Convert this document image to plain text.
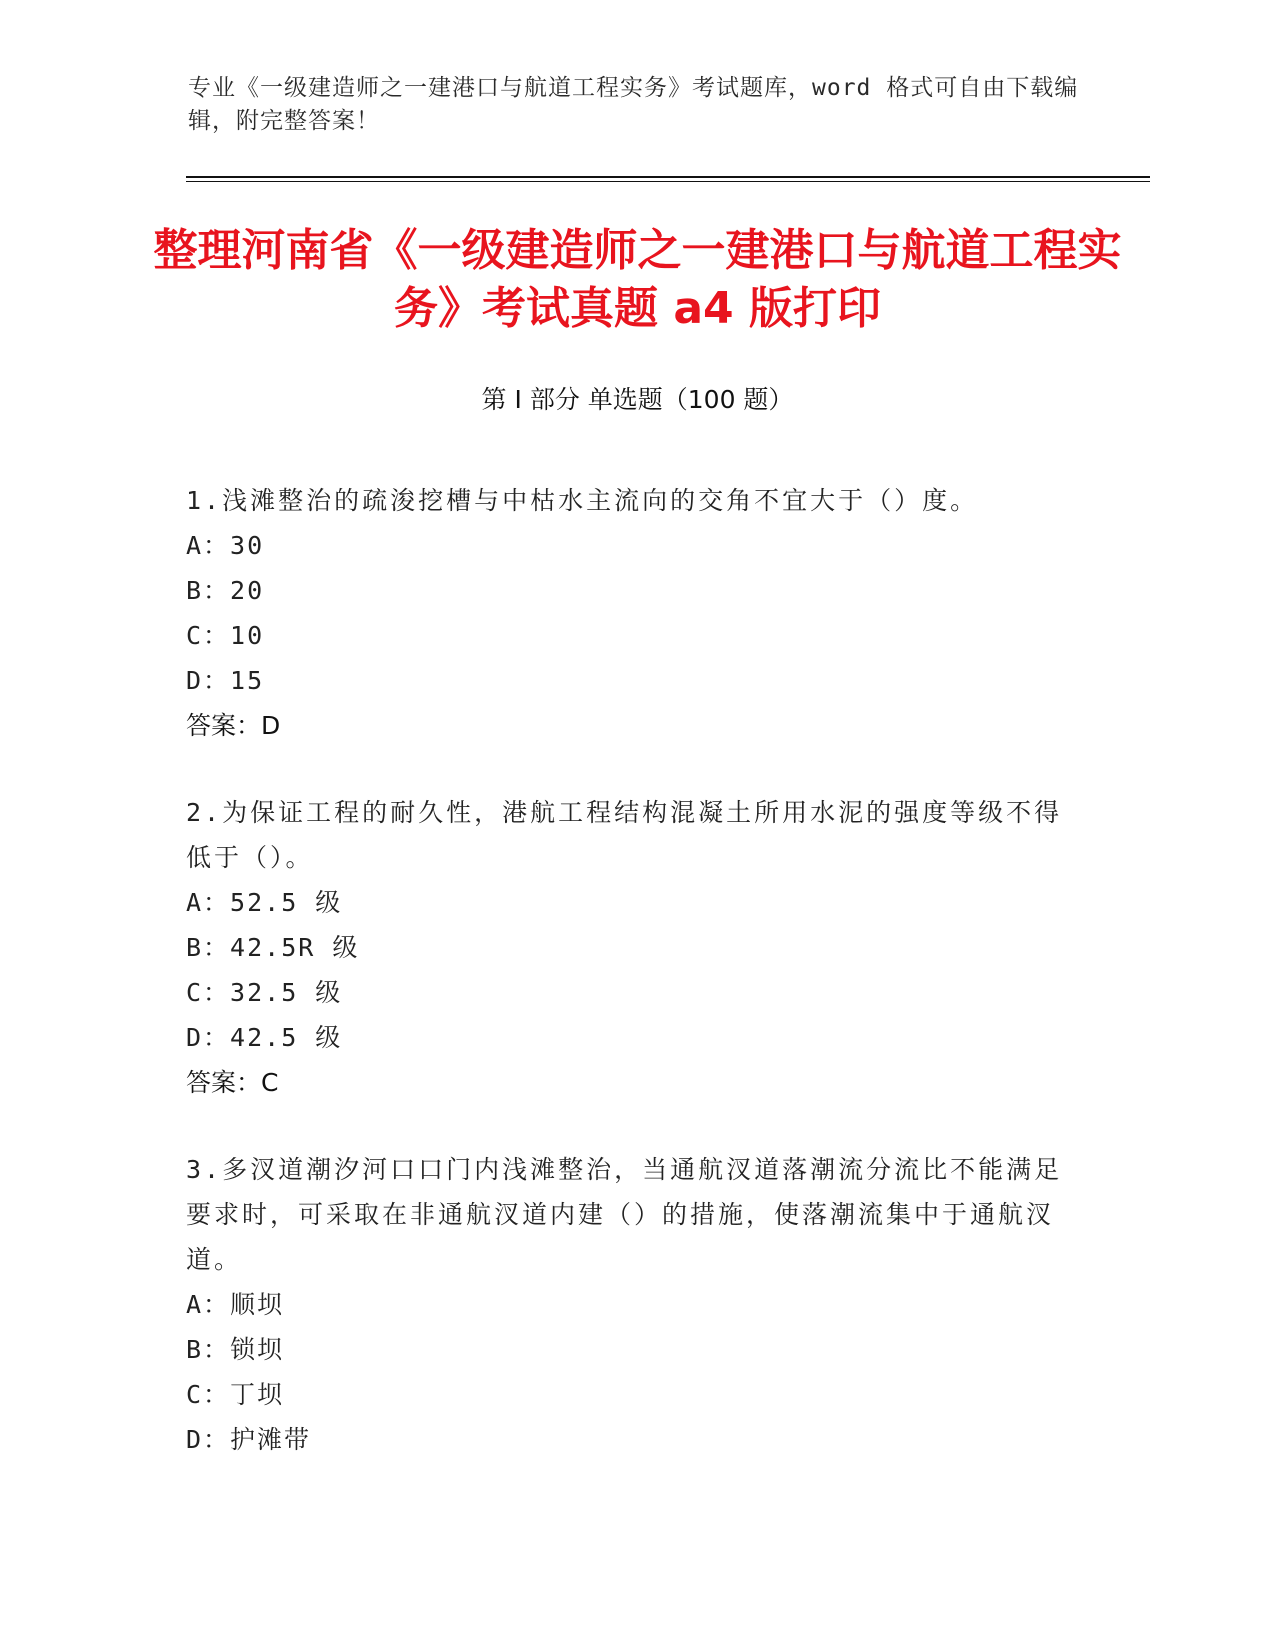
专业《一级建造师之一建港口与航道工程实务》考试题库，word 格式可自由下载编辑，附完整答案！
整理河南省《一级建造师之一建港口与航道工程实务》考试真题 a4 版打印
第 I 部分 单选题（100 题）
1.浅滩整治的疏浚挖槽与中枯水主流向的交角不宜大于（）度。
A：30
B：20
C：10
D：15
答案：D
2.为保证工程的耐久性，港航工程结构混凝土所用水泥的强度等级不得低于（）。
A：52.5 级
B：42.5R 级
C：32.5 级
D：42.5 级
答案：C
3.多汊道潮汐河口口门内浅滩整治，当通航汊道落潮流分流比不能满足要求时，可采取在非通航汊道内建（）的措施，使落潮流集中于通航汊道。
A：顺坝
B：锁坝
C：丁坝
D：护滩带
